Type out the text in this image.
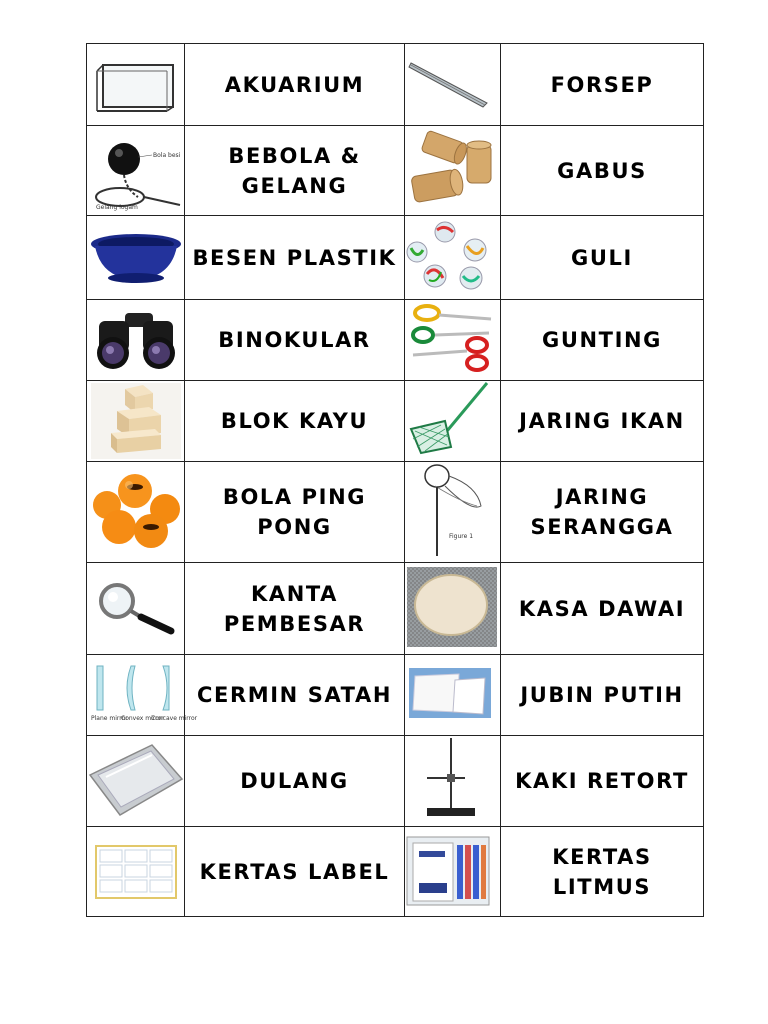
	AKUARIUM		FORSEP

Bola besi
Gelang logam	BEBOLA & GELANG		GABUS

	BESEN PLASTIK		GULI

	BINOKULAR		GUNTING

	BLOK KAYU		JARING IKAN

	BOLA PING PONG	Figure 1	JARING SERANGGA

	KANTA PEMBESAR		KASA DAWAI

Plane mirror
Convex mirror
Concave mirror	CERMIN SATAH		JUBIN PUTIH

	DULANG		KAKI RETORT

	KERTAS LABEL		KERTAS LITMUS
